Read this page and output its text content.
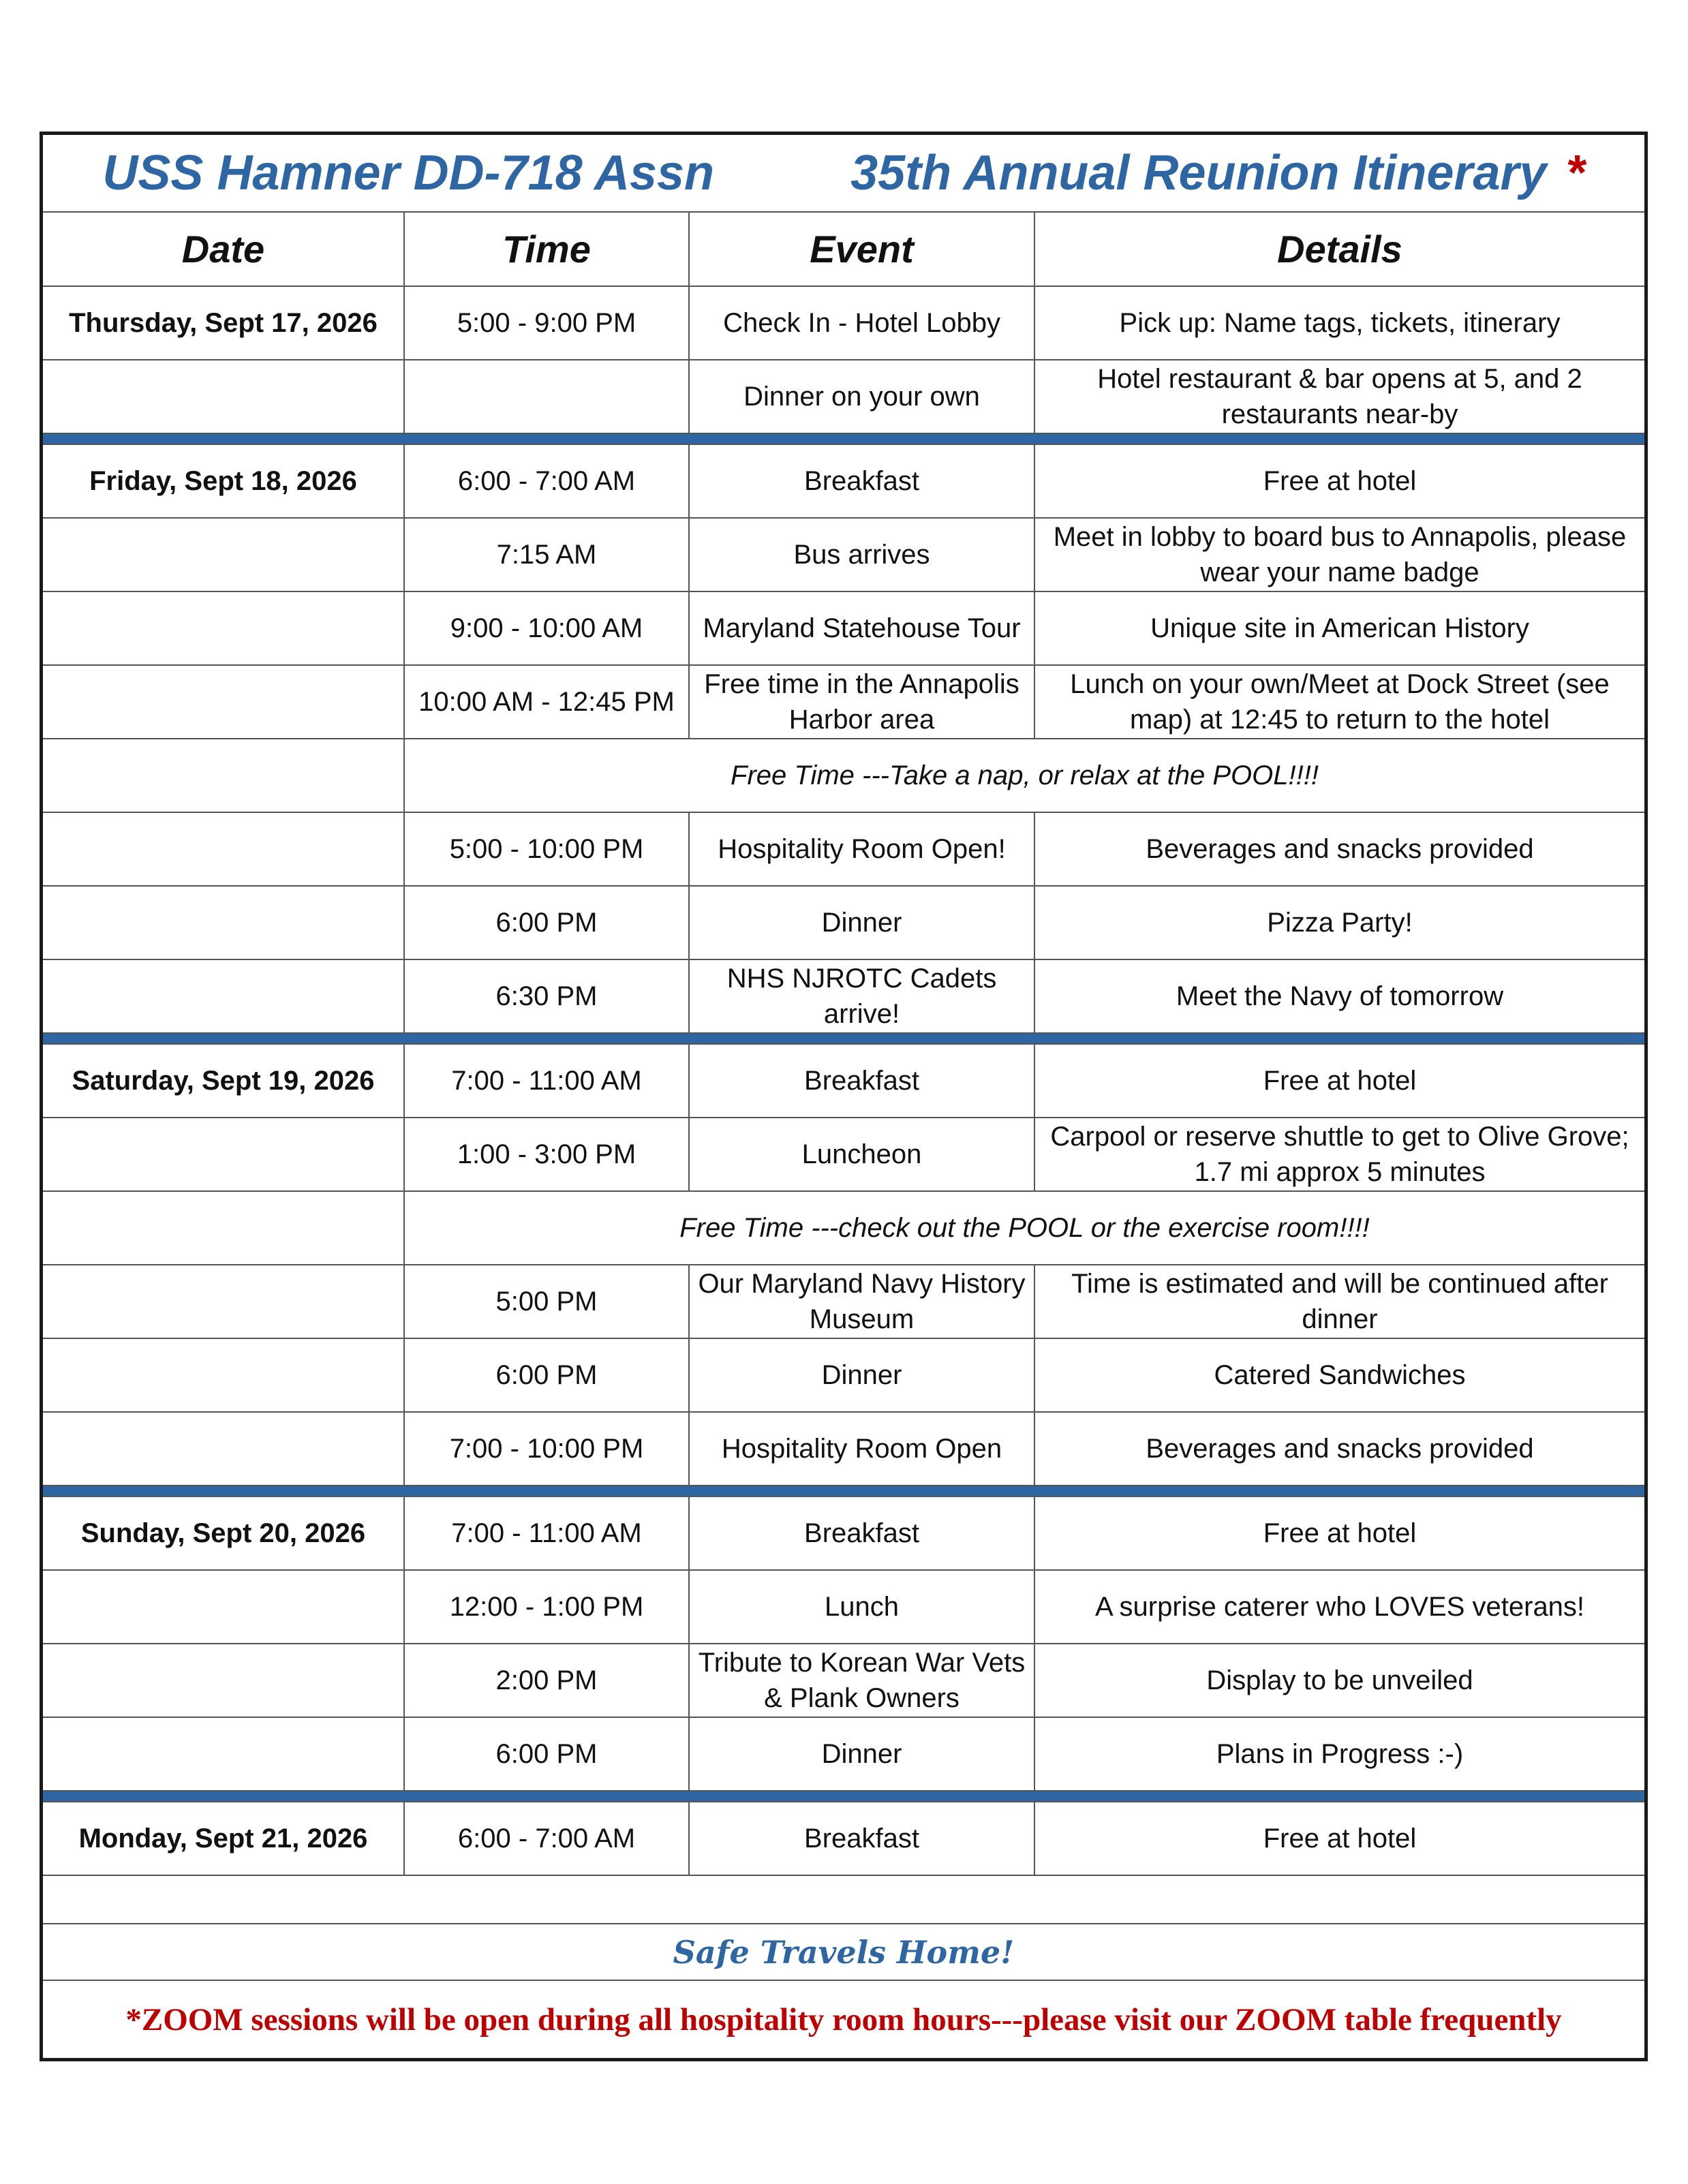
USS Hamner DD-718 Assn	35th Annual Reunion Itinerary *
Date	Time	Event	Details
Thursday, Sept 17, 2026	5:00 - 9:00 PM	Check In - Hotel Lobby	Pick up: Name tags, tickets, itinerary
		Dinner on your own	Hotel restaurant & bar opens at 5, and 2 restaurants near-by

Friday, Sept 18, 2026	6:00 - 7:00 AM	Breakfast	Free at hotel
	7:15 AM	Bus arrives	Meet in lobby to board bus to Annapolis, please wear your name badge
	9:00 - 10:00 AM	Maryland Statehouse Tour	Unique site in American History
	10:00 AM - 12:45 PM	Free time in the Annapolis Harbor area	Lunch on your own/Meet at Dock Street (see map) at 12:45 to return to the hotel
	Free Time ---Take a nap, or relax at the POOL!!!!		
	5:00 - 10:00 PM	Hospitality Room Open!	Beverages and snacks provided
	6:00 PM	Dinner	Pizza Party!
	6:30 PM	NHS NJROTC Cadets arrive!	Meet the Navy of tomorrow

Saturday, Sept 19, 2026	7:00 - 11:00 AM	Breakfast	Free at hotel
	1:00 - 3:00 PM	Luncheon	Carpool or reserve shuttle to get to Olive Grove; 1.7 mi approx 5 minutes
	Free Time ---check out the POOL or the exercise room!!!!		
	5:00 PM	Our Maryland Navy History Museum	Time is estimated and will be continued after dinner
	6:00 PM	Dinner	Catered Sandwiches
	7:00 - 10:00 PM	Hospitality Room Open	Beverages and snacks provided

Sunday, Sept 20, 2026	7:00 - 11:00 AM	Breakfast	Free at hotel
	12:00 - 1:00 PM	Lunch	A surprise caterer who LOVES veterans!
	2:00 PM	Tribute to Korean War Vets & Plank Owners	Display to be unveiled
	6:00 PM	Dinner	Plans in Progress :-)

Monday, Sept 21, 2026	6:00 - 7:00 AM	Breakfast	Free at hotel
Safe Travels Home!
*ZOOM sessions will be open during all hospitality room hours---please visit our ZOOM table frequently
